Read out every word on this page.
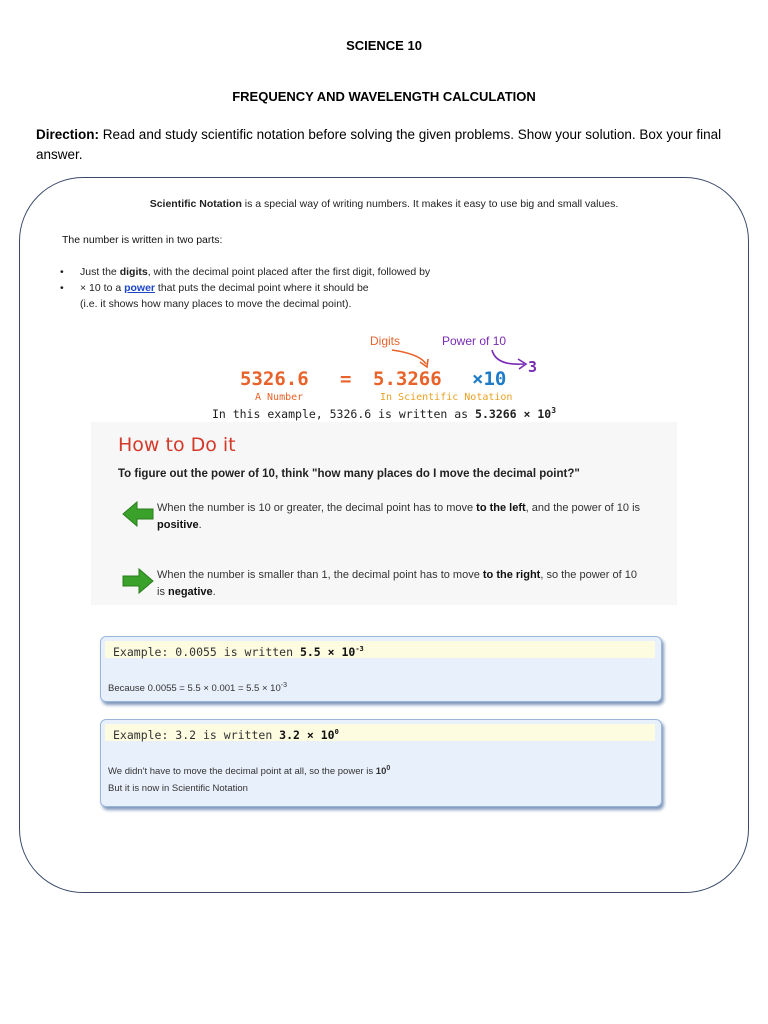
SCIENCE 10
FREQUENCY AND WAVELENGTH CALCULATION
Direction: Read and study scientific notation before solving the given problems. Show your solution. Box your final answer.
Scientific Notation is a special way of writing numbers. It makes it easy to use big and small values.
The number is written in two parts:
• Just the digits, with the decimal point placed after the first digit, followed by
• × 10 to a power that puts the decimal point where it should be
(i.e. it shows how many places to move the decimal point).
Digits	Power of 10
5326.6 = 5.3266 ×10
3
A Number	In Scientific Notation
In this example, 5326.6 is written as $5.3266 \times 10^3$
How to Do it
To figure out the power of 10, think "how many places do I move the decimal point?"
When the number is 10 or greater, the decimal point has to move to the left, and the power of 10 is positive.
When the number is smaller than 1, the decimal point has to move to the right, so the power of 10 is negative.
Example: 0.0055 is written $5.5 \times 10^{-3}$
Because $0.0055 = 5.5 \times 0.001 = 5.5 \times 10^{-3}$
Example: 3.2 is written $3.2 \times 10^0$
We didn't have to move the decimal point at all, so the power is $10^0$
But it is now in Scientific Notation
